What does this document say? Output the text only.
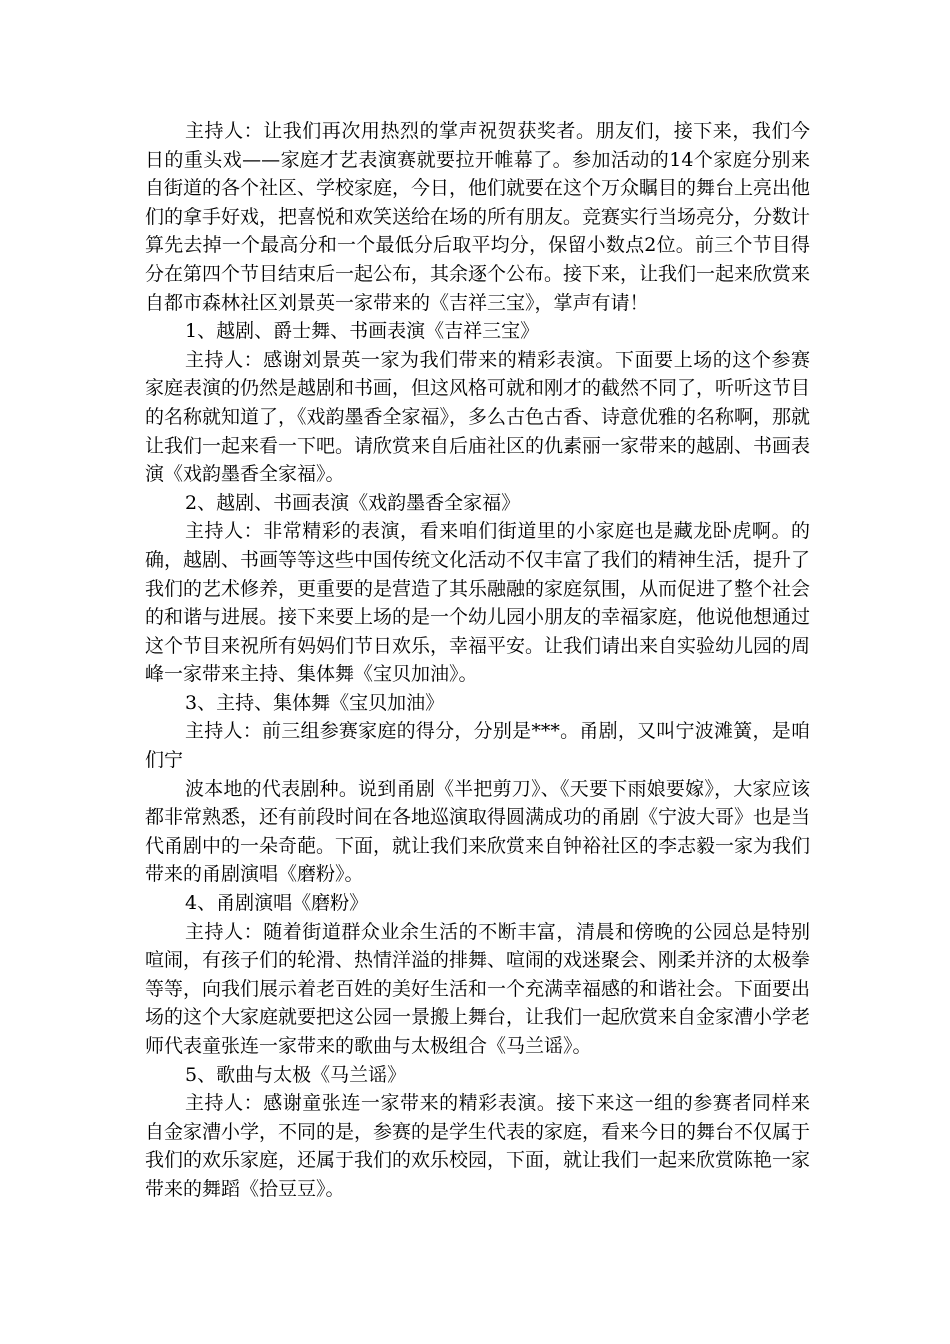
主持人：让我们再次用热烈的掌声祝贺获奖者。朋友们，接下来，我们今日的重头戏——家庭才艺表演赛就要拉开帷幕了。参加活动的14个家庭分别来自街道的各个社区、学校家庭，今日，他们就要在这个万众瞩目的舞台上亮出他们的拿手好戏，把喜悦和欢笑送给在场的所有朋友。竞赛实行当场亮分，分数计算先去掉一个最高分和一个最低分后取平均分，保留小数点2位。前三个节目得分在第四个节目结束后一起公布，其余逐个公布。接下来，让我们一起来欣赏来自都市森林社区刘景英一家带来的《吉祥三宝》，掌声有请！

1、越剧、爵士舞、书画表演《吉祥三宝》

主持人：感谢刘景英一家为我们带来的精彩表演。下面要上场的这个参赛家庭表演的仍然是越剧和书画，但这风格可就和刚才的截然不同了，听听这节目的名称就知道了，《戏韵墨香全家福》，多么古色古香、诗意优雅的名称啊，那就让我们一起来看一下吧。请欣赏来自后庙社区的仇素丽一家带来的越剧、书画表演《戏韵墨香全家福》。

2、越剧、书画表演《戏韵墨香全家福》

主持人：非常精彩的表演，看来咱们街道里的小家庭也是藏龙卧虎啊。的确，越剧、书画等等这些中国传统文化活动不仅丰富了我们的精神生活，提升了我们的艺术修养，更重要的是营造了其乐融融的家庭氛围，从而促进了整个社会的和谐与进展。接下来要上场的是一个幼儿园小朋友的幸福家庭，他说他想通过这个节目来祝所有妈妈们节日欢乐，幸福平安。让我们请出来自实验幼儿园的周峰一家带来主持、集体舞《宝贝加油》。

3、主持、集体舞《宝贝加油》

主持人：前三组参赛家庭的得分，分别是***。甬剧，又叫宁波滩簧，是咱们宁

波本地的代表剧种。说到甬剧《半把剪刀》、《天要下雨娘要嫁》，大家应该都非常熟悉，还有前段时间在各地巡演取得圆满成功的甬剧《宁波大哥》也是当代甬剧中的一朵奇葩。下面，就让我们来欣赏来自钟裕社区的李志毅一家为我们带来的甬剧演唱《磨粉》。

4、甬剧演唱《磨粉》

主持人：随着街道群众业余生活的不断丰富，清晨和傍晚的公园总是特别喧闹，有孩子们的轮滑、热情洋溢的排舞、喧闹的戏迷聚会、刚柔并济的太极拳等等，向我们展示着老百姓的美好生活和一个充满幸福感的和谐社会。下面要出场的这个大家庭就要把这公园一景搬上舞台，让我们一起欣赏来自金家漕小学老师代表童张连一家带来的歌曲与太极组合《马兰谣》。

5、歌曲与太极《马兰谣》

主持人：感谢童张连一家带来的精彩表演。接下来这一组的参赛者同样来自金家漕小学，不同的是，参赛的是学生代表的家庭，看来今日的舞台不仅属于我们的欢乐家庭，还属于我们的欢乐校园，下面，就让我们一起来欣赏陈艳一家带来的舞蹈《拾豆豆》。
